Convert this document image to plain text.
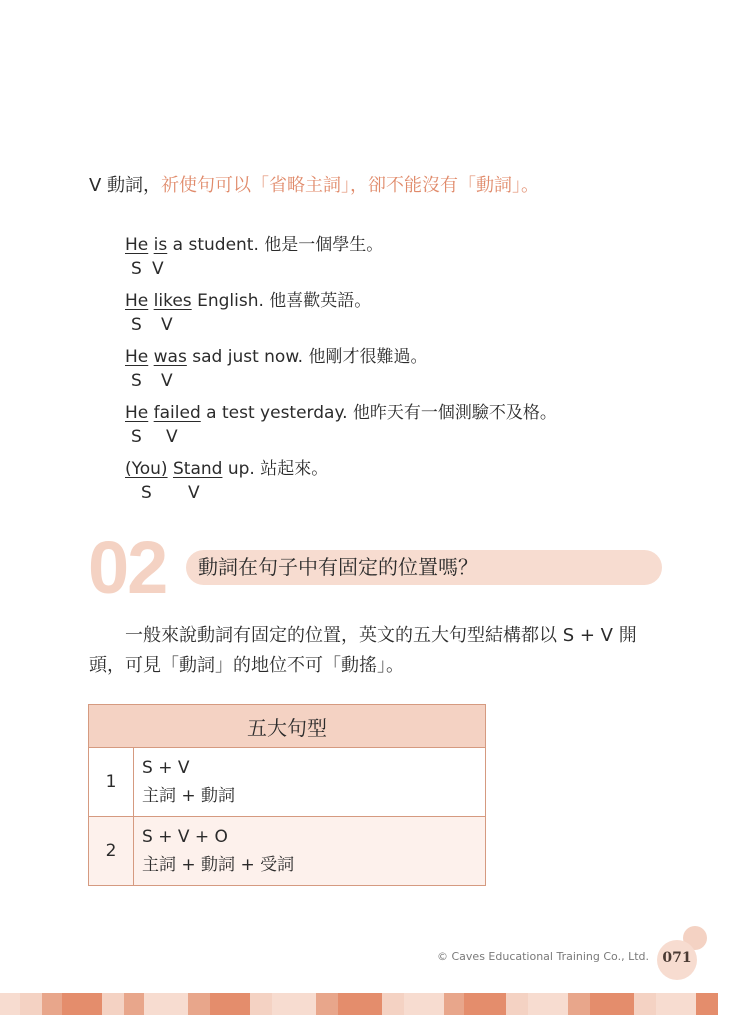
V 動詞，祈使句可以「省略主詞」，卻不能沒有「動詞」。
He is a student. 他是一個學生。
S V
He likes English. 他喜歡英語。
S V
He was sad just now. 他剛才很難過。
S V
He failed a test yesterday. 他昨天有一個測驗不及格。
S V
(You) Stand up. 站起來。
S V
02 動詞在句子中有固定的位置嗎？
　　一般來說動詞有固定的位置，英文的五大句型結構都以 S + V 開頭，可見「動詞」的地位不可「動搖」。
五大句型	
1	S + V
主詞 + 動詞

2	S + V + O
主詞 + 動詞 + 受詞
© Caves Educational Training Co., Ltd. 071
